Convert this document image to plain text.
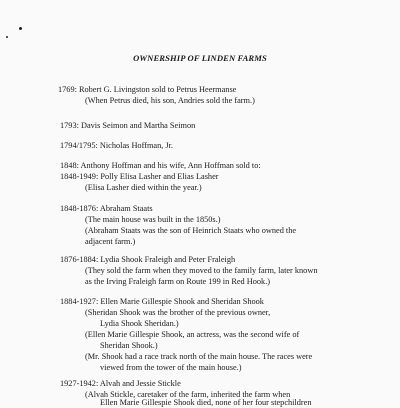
OWNERSHIP OF LINDEN FARMS
1769: Robert G. Livingston sold to Petrus Heermanse
(When Petrus died, his son, Andries sold the farm.)
1793: Davis Seimon and Martha Seimon
1794/1795: Nicholas Hoffman, Jr.
1848: Anthony Hoffman and his wife, Ann Hoffman sold to:
1848-1949: Polly Elisa Lasher and Elias Lasher
(Elisa Lasher died within the year.)
1848-1876: Abraham Staats
(The main house was built in the 1850s.)
(Abraham Staats was the son of Heinrich Staats who owned the
adjacent farm.)
1876-1884: Lydia Shook Fraleigh and Peter Fraleigh
(They sold the farm when they moved to the family farm, later known
as the Irving Fraleigh farm on Route 199 in Red Hook.)
1884-1927: Ellen Marie Gillespie Shook and Sheridan Shook
(Sheridan Shook was the brother of the previous owner,
Lydia Shook Sheridan.)
(Ellen Marie Gillespie Shook, an actress, was the second wife of
Sheridan Shook.)
(Mr. Shook had a race track north of the main house. The races were
viewed from the tower of the main house.)
1927-1942: Alvah and Jessie Stickle
(Alvah Stickle, caretaker of the farm, inherited the farm when
Ellen Marie Gillespie Shook died, none of her four stepchildren
